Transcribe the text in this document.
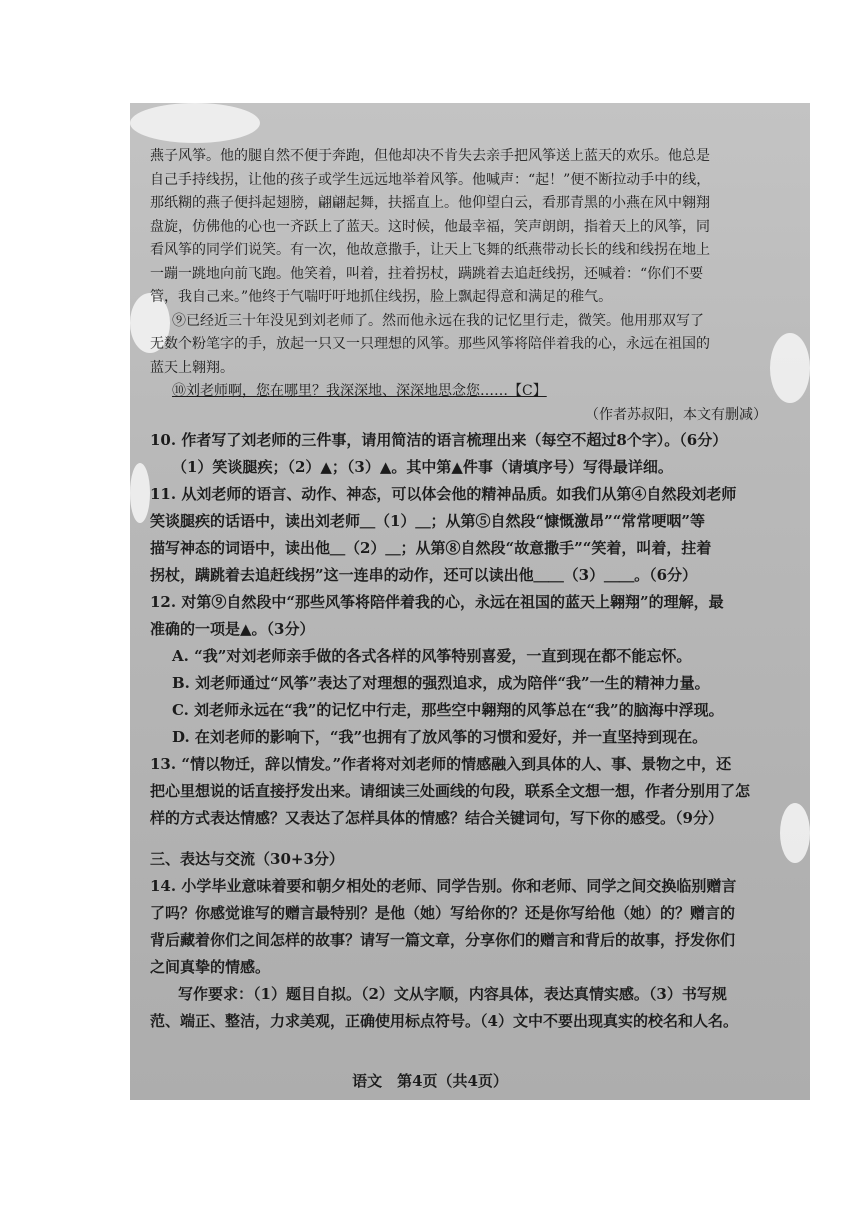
燕子风筝。他的腿自然不便于奔跑，但他却决不肯失去亲手把风筝送上蓝天的欢乐。他总是
自己手持线拐，让他的孩子或学生远远地举着风筝。他喊声：“起！”便不断拉动手中的线，
那纸糊的燕子便抖起翅膀，翩翩起舞，扶摇直上。他仰望白云，看那青黑的小燕在风中翱翔
盘旋，仿佛他的心也一齐跃上了蓝天。这时候，他最幸福，笑声朗朗，指着天上的风筝，同
看风筝的同学们说笑。有一次，他故意撒手，让天上飞舞的纸燕带动长长的线和线拐在地上
一蹦一跳地向前飞跑。他笑着，叫着，拄着拐杖，蹒跳着去追赶线拐，还喊着：“你们不要
管，我自己来。”他终于气喘吁吁地抓住线拐，脸上飘起得意和满足的稚气。
⑨已经近三十年没见到刘老师了。然而他永远在我的记忆里行走，微笑。他用那双写了
无数个粉笔字的手，放起一只又一只理想的风筝。那些风筝将陪伴着我的心，永远在祖国的
蓝天上翱翔。
⑩刘老师啊，您在哪里？我深深地、深深地思念您……【C】
（作者苏叔阳，本文有删减）
10. 作者写了刘老师的三件事，请用简洁的语言梳理出来（每空不超过8个字）。（6分）
（1）笑谈腿疾；（2）▲；（3）▲。其中第▲件事（请填序号）写得最详细。
11. 从刘老师的语言、动作、神态，可以体会他的精神品质。如我们从第④自然段刘老师
笑谈腿疾的话语中，读出刘老师＿（1）＿；从第⑤自然段“慷慨激昂”“常常哽咽”等
描写神态的词语中，读出他＿（2）＿；从第⑧自然段“故意撒手”“笑着，叫着，拄着
拐杖，蹒跳着去追赶线拐”这一连串的动作，还可以读出他＿＿（3）＿＿。（6分）
12. 对第⑨自然段中“那些风筝将陪伴着我的心，永远在祖国的蓝天上翱翔”的理解，最
准确的一项是▲。（3分）
A. “我”对刘老师亲手做的各式各样的风筝特别喜爱，一直到现在都不能忘怀。
B. 刘老师通过“风筝”表达了对理想的强烈追求，成为陪伴“我”一生的精神力量。
C. 刘老师永远在“我”的记忆中行走，那些空中翱翔的风筝总在“我”的脑海中浮现。
D. 在刘老师的影响下，“我”也拥有了放风筝的习惯和爱好，并一直坚持到现在。
13. “情以物迁，辞以情发。”作者将对刘老师的情感融入到具体的人、事、景物之中，还
把心里想说的话直接抒发出来。请细读三处画线的句段，联系全文想一想，作者分别用了怎
样的方式表达情感？又表达了怎样具体的情感？结合关键词句，写下你的感受。（9分）
三、表达与交流（30+3分）
14. 小学毕业意味着要和朝夕相处的老师、同学告别。你和老师、同学之间交换临别赠言
了吗？你感觉谁写的赠言最特别？是他（她）写给你的？还是你写给他（她）的？赠言的
背后藏着你们之间怎样的故事？请写一篇文章，分享你们的赠言和背后的故事，抒发你们
之间真挚的情感。
写作要求：（1）题目自拟。（2）文从字顺，内容具体，表达真情实感。（3）书写规
范、端正、整洁，力求美观，正确使用标点符号。（4）文中不要出现真实的校名和人名。
语文　第4页（共4页）
